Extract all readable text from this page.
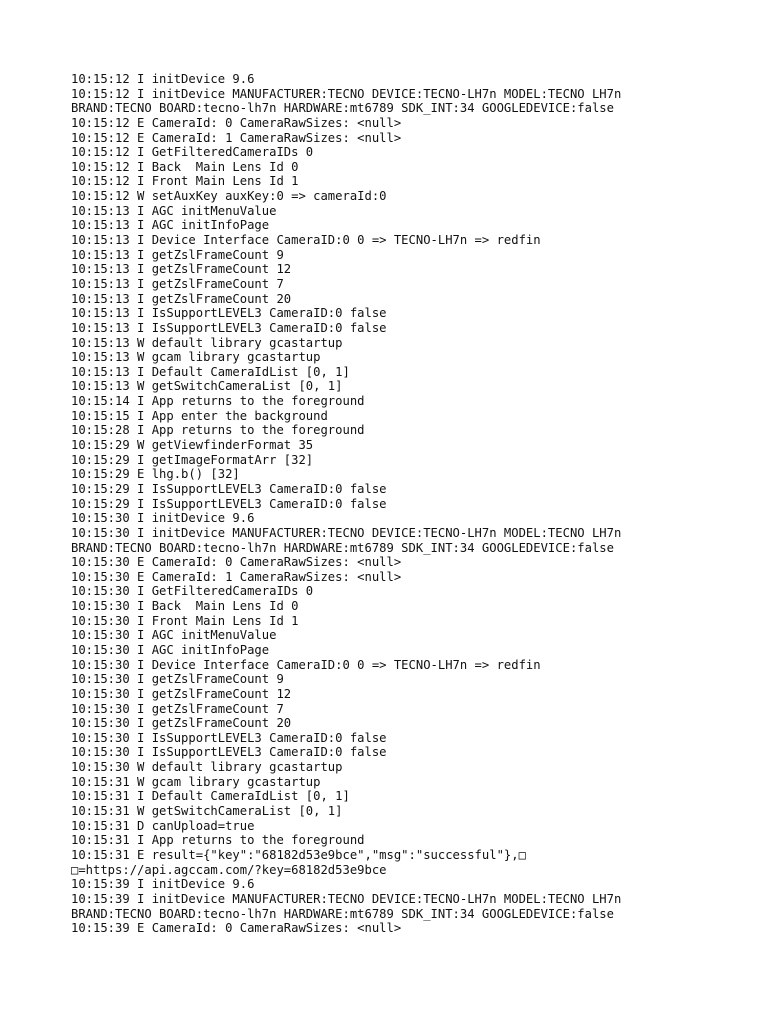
10:15:12 I initDevice 9.6
10:15:12 I initDevice MANUFACTURER:TECNO DEVICE:TECNO-LH7n MODEL:TECNO LH7n
BRAND:TECNO BOARD:tecno-lh7n HARDWARE:mt6789 SDK_INT:34 GOOGLEDEVICE:false
10:15:12 E CameraId: 0 CameraRawSizes: <null>
10:15:12 E CameraId: 1 CameraRawSizes: <null>
10:15:12 I GetFilteredCameraIDs 0
10:15:12 I Back  Main Lens Id 0
10:15:12 I Front Main Lens Id 1
10:15:12 W setAuxKey auxKey:0 => cameraId:0
10:15:13 I AGC initMenuValue
10:15:13 I AGC initInfoPage
10:15:13 I Device Interface CameraID:0 0 => TECNO-LH7n => redfin
10:15:13 I getZslFrameCount 9
10:15:13 I getZslFrameCount 12
10:15:13 I getZslFrameCount 7
10:15:13 I getZslFrameCount 20
10:15:13 I IsSupportLEVEL3 CameraID:0 false
10:15:13 I IsSupportLEVEL3 CameraID:0 false
10:15:13 W default library gcastartup
10:15:13 W gcam library gcastartup
10:15:13 I Default CameraIdList [0, 1]
10:15:13 W getSwitchCameraList [0, 1]
10:15:14 I App returns to the foreground
10:15:15 I App enter the background
10:15:28 I App returns to the foreground
10:15:29 W getViewfinderFormat 35
10:15:29 I getImageFormatArr [32]
10:15:29 E lhg.b() [32]
10:15:29 I IsSupportLEVEL3 CameraID:0 false
10:15:29 I IsSupportLEVEL3 CameraID:0 false
10:15:30 I initDevice 9.6
10:15:30 I initDevice MANUFACTURER:TECNO DEVICE:TECNO-LH7n MODEL:TECNO LH7n
BRAND:TECNO BOARD:tecno-lh7n HARDWARE:mt6789 SDK_INT:34 GOOGLEDEVICE:false
10:15:30 E CameraId: 0 CameraRawSizes: <null>
10:15:30 E CameraId: 1 CameraRawSizes: <null>
10:15:30 I GetFilteredCameraIDs 0
10:15:30 I Back  Main Lens Id 0
10:15:30 I Front Main Lens Id 1
10:15:30 I AGC initMenuValue
10:15:30 I AGC initInfoPage
10:15:30 I Device Interface CameraID:0 0 => TECNO-LH7n => redfin
10:15:30 I getZslFrameCount 9
10:15:30 I getZslFrameCount 12
10:15:30 I getZslFrameCount 7
10:15:30 I getZslFrameCount 20
10:15:30 I IsSupportLEVEL3 CameraID:0 false
10:15:30 I IsSupportLEVEL3 CameraID:0 false
10:15:30 W default library gcastartup
10:15:31 W gcam library gcastartup
10:15:31 I Default CameraIdList [0, 1]
10:15:31 W getSwitchCameraList [0, 1]
10:15:31 D canUpload=true
10:15:31 I App returns to the foreground
10:15:31 E result={"key":"68182d53e9bce","msg":"successful"},□
□=https://api.agccam.com/?key=68182d53e9bce
10:15:39 I initDevice 9.6
10:15:39 I initDevice MANUFACTURER:TECNO DEVICE:TECNO-LH7n MODEL:TECNO LH7n
BRAND:TECNO BOARD:tecno-lh7n HARDWARE:mt6789 SDK_INT:34 GOOGLEDEVICE:false
10:15:39 E CameraId: 0 CameraRawSizes: <null>
